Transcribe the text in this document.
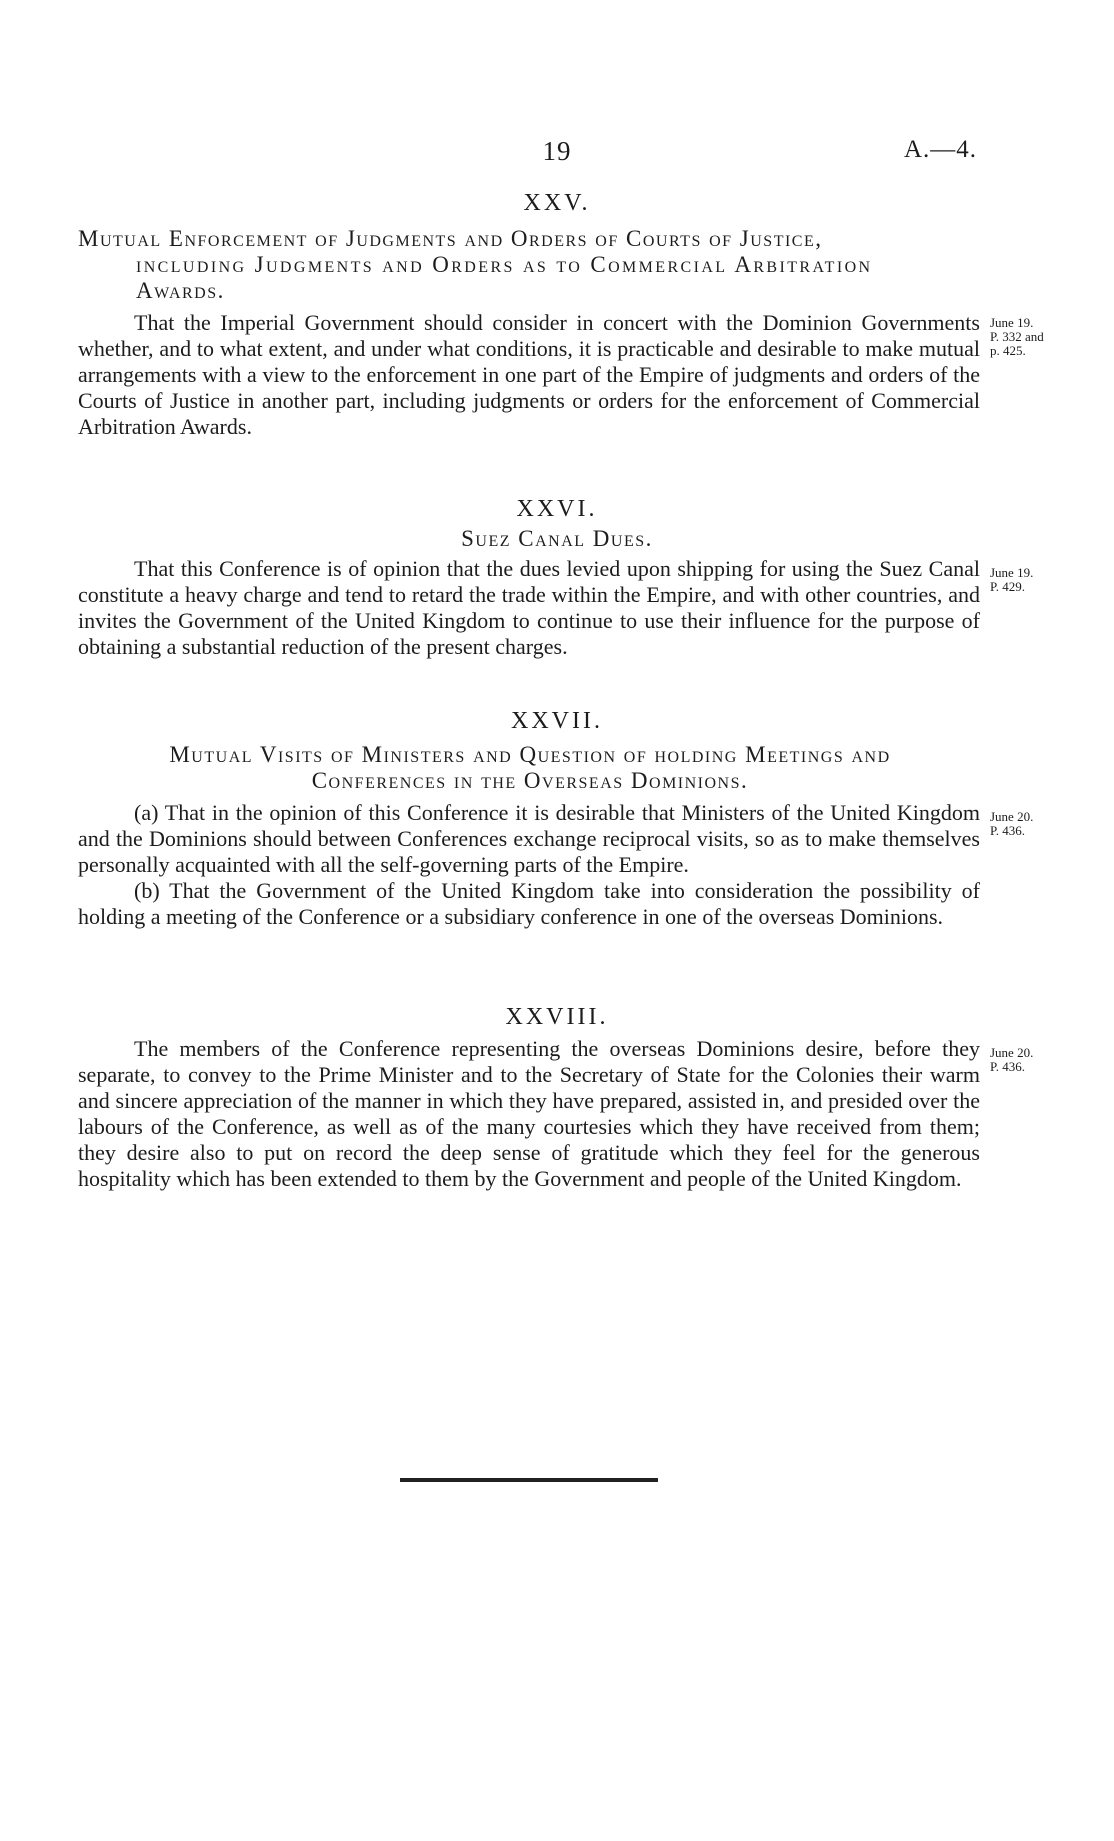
19	A.—4.
XXV.
Mutual Enforcement of Judgments and Orders of Courts of Justice,
including Judgments and Orders as to Commercial Arbitration
Awards.

That the Imperial Government should consider in concert with the Dominion Governments whether, and to what extent, and under what conditions, it is practicable and desirable to make mutual arrangements with a view to the enforcement in one part of the Empire of judgments and orders of the Courts of Justice in another part, including judgments or orders for the enforcement of Commercial Arbitration Awards.

June 19.
P. 332 and
p. 425.
XXVI.
Suez Canal Dues.

That this Conference is of opinion that the dues levied upon shipping for using the Suez Canal constitute a heavy charge and tend to retard the trade within the Empire, and with other countries, and invites the Government of the United Kingdom to continue to use their influence for the purpose of obtaining a substantial reduction of the present charges.

June 19.
P. 429.
XXVII.
Mutual Visits of Ministers and Question of holding Meetings and
Conferences in the Overseas Dominions.

(a) That in the opinion of this Conference it is desirable that Ministers of the United Kingdom and the Dominions should between Conferences exchange reciprocal visits, so as to make themselves personally acquainted with all the self-governing parts of the Empire.

(b) That the Government of the United Kingdom take into consideration the possibility of holding a meeting of the Conference or a subsidiary conference in one of the overseas Dominions.

June 20.
P. 436.
XXVIII.

The members of the Conference representing the overseas Dominions desire, before they separate, to convey to the Prime Minister and to the Secretary of State for the Colonies their warm and sincere appreciation of the manner in which they have prepared, assisted in, and presided over the labours of the Conference, as well as of the many courtesies which they have received from them; they desire also to put on record the deep sense of gratitude which they feel for the generous hospitality which has been extended to them by the Government and people of the United Kingdom.

June 20.
P. 436.
